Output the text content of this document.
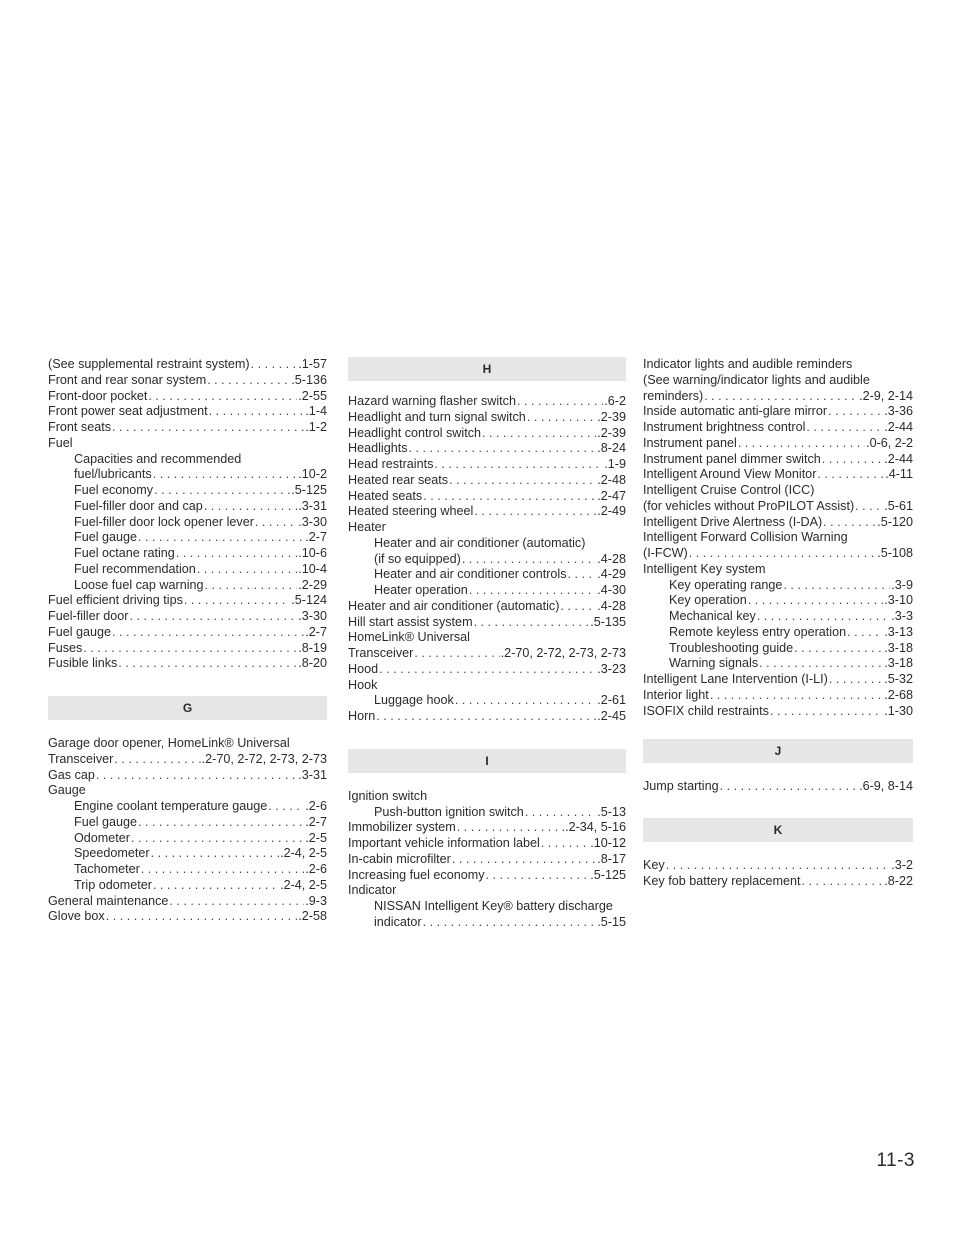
(See supplemental restraint system) . . .	.1-57
Front and rear sonar system . . .	.5-136
Front-door pocket . . .	.2-55
Front power seat adjustment . . .	.1-4
Front seats . . .	.1-2
Fuel
Capacities and recommended
fuel/lubricants . . .	.10-2
Fuel economy . . .	.5-125
Fuel-filler door and cap . . .	.3-31
Fuel-filler door lock opener lever . . .	.3-30
Fuel gauge . . .	.2-7
Fuel octane rating . . .	.10-6
Fuel recommendation . . .	.10-4
Loose fuel cap warning . . .	.2-29
Fuel efficient driving tips . . .	.5-124
Fuel-filler door . . .	.3-30
Fuel gauge . . .	.2-7
Fuses . . .	.8-19
Fusible links . . .	.8-20
G
Garage door opener, HomeLink® Universal
Transceiver . . .	.2-70, 2-72, 2-73, 2-73
Gas cap . . .	.3-31
Gauge
Engine coolant temperature gauge . . .	.2-6
Fuel gauge . . .	.2-7
Odometer . . .	.2-5
Speedometer . . .	.2-4, 2-5
Tachometer . . .	.2-6
Trip odometer . . .	.2-4, 2-5
General maintenance . . .	.9-3
Glove box . . .	.2-58
H
Hazard warning flasher switch . . .	.6-2
Headlight and turn signal switch . . .	.2-39
Headlight control switch . . .	.2-39
Headlights . . .	.8-24
Head restraints . . .	.1-9
Heated rear seats . . .	.2-48
Heated seats . . .	.2-47
Heated steering wheel . . .	.2-49
Heater
Heater and air conditioner (automatic)
(if so equipped) . . .	.4-28
Heater and air conditioner controls . . . .4-29
Heater operation . . .	.4-30
Heater and air conditioner (automatic) . . .	.4-28
Hill start assist system . . .	.5-135
HomeLink® Universal
Transceiver . . .	.2-70, 2-72, 2-73, 2-73
Hood . . .	.3-23
Hook
Luggage hook . . .	.2-61
Horn . . .	.2-45
I
Ignition switch
Push-button ignition switch . . .	.5-13
Immobilizer system . . .	.2-34, 5-16
Important vehicle information label . . .	.10-12
In-cabin microfilter . . .	.8-17
Increasing fuel economy . . .	.5-125
Indicator
NISSAN Intelligent Key® battery discharge
indicator . . .	.5-15
Indicator lights and audible reminders
(See warning/indicator lights and audible
reminders) . . .	.2-9, 2-14
Inside automatic anti-glare mirror . . .	.3-36
Instrument brightness control . . .	.2-44
Instrument panel . . .	.0-6, 2-2
Instrument panel dimmer switch . . .	.2-44
Intelligent Around View Monitor . . .	.4-11
Intelligent Cruise Control (ICC)
(for vehicles without ProPILOT Assist) . . . .5-61
Intelligent Drive Alertness (I-DA) . . .	.5-120
Intelligent Forward Collision Warning
(I-FCW) . . .	.5-108
Intelligent Key system
Key operating range . . .	.3-9
Key operation . . .	.3-10
Mechanical key . . .	.3-3
Remote keyless entry operation . . .	.3-13
Troubleshooting guide . . .	.3-18
Warning signals . . .	.3-18
Intelligent Lane Intervention (I-LI) . . .	.5-32
Interior light . . .	.2-68
ISOFIX child restraints . . .	.1-30
J
Jump starting . . .	.6-9, 8-14
K
Key . . .	.3-2
Key fob battery replacement . . .	.8-22
11-3
